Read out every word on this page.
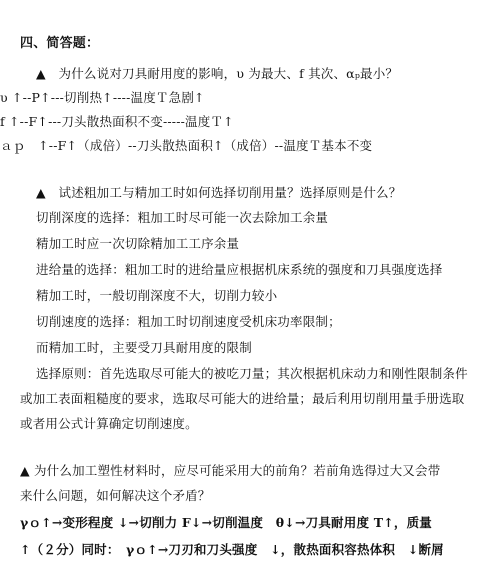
四、简答题：
▲　为什么说对刀具耐用度的影响，υ 为最大、f 其次、αₚ最小？
υ ↑--P↑---切削热↑----温度Ｔ急剧↑
f ↑--F↑---刀头散热面积不变-----温度Ｔ↑
ａｐ　↑--F↑（成倍）--刀头散热面积↑（成倍）--温度Ｔ基本不变
▲　试述粗加工与精加工时如何选择切削用量？选择原则是什么？
切削深度的选择：粗加工时尽可能一次去除加工余量
精加工时应一次切除精加工工序余量
进给量的选择：粗加工时的进给量应根据机床系统的强度和刀具强度选择
精加工时，一般切削深度不大，切削力较小
切削速度的选择：粗加工时切削速度受机床功率限制；
而精加工时，主要受刀具耐用度的限制
选择原则：首先选取尽可能大的被吃刀量；其次根据机床动力和刚性限制条件
或加工表面粗糙度的要求，选取尽可能大的进给量；最后利用切削用量手册选取
或者用公式计算确定切削速度。
▲ 为什么加工塑性材料时，应尽可能采用大的前角？若前角选得过大又会带
来什么问题，如何解决这个矛盾？
γｏ↑→变形程度 ↓→切削力 F↓→切削温度　θ↓→刀具耐用度 T↑，质量
↑（２分）同时：　γｏ↑→刀刃和刀头强度　↓，散热面积容热体积　↓断屑
